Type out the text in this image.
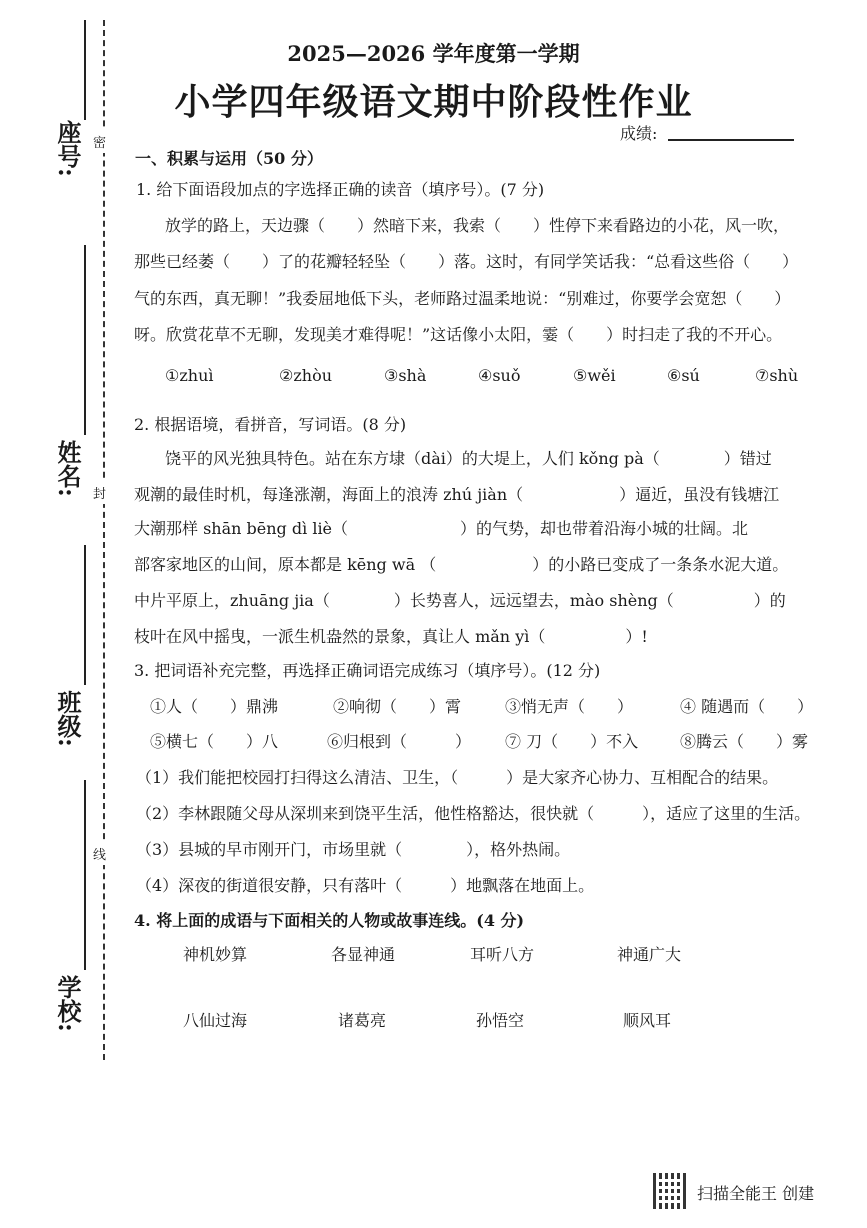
座号:
姓名:
班级:
学校:
密
封
线
2025—2026 学年度第一学期
小学四年级语文期中阶段性作业
成绩:
一、积累与运用（50 分）
1. 给下面语段加点的字选择正确的读音（填序号）。(7 分)
放学的路上，天边骤（　　）然暗下来，我索（　　）性停下来看路边的小花，风一吹，
那些已经萎（　　）了的花瓣轻轻坠（　　）落。这时，有同学笑话我：“总看这些俗（　　）
气的东西，真无聊！”我委屈地低下头，老师路过温柔地说：“别难过，你要学会宽恕（　　）
呀。欣赏花草不无聊，发现美才难得呢！”这话像小太阳，霎（　　）时扫走了我的不开心。
①zhuì	②zhòu	③shà	④suǒ	⑤wěi	⑥sú	⑦shù
2. 根据语境，看拼音，写词语。(8 分)
饶平的风光独具特色。站在东方埭（dài）的大堤上，人们 kǒng pà（　　　　）错过
观潮的最佳时机，每逢涨潮，海面上的浪涛 zhú jiàn（　　　　　　）逼近，虽没有钱塘江
大潮那样 shān bēng dì liè（　　　　　　　）的气势，却也带着沿海小城的壮阔。北
部客家地区的山间，原本都是 kēng wā （　　　　　　）的小路已变成了一条条水泥大道。
中片平原上，zhuāng jia（　　　　）长势喜人，远远望去，mào shèng（　　　　　）的
枝叶在风中摇曳，一派生机盎然的景象，真让人 mǎn yì（　　　　　）!
3. 把词语补充完整，再选择正确词语完成练习（填序号）。(12 分)
①人（　　）鼎沸	②响彻（　　）霄	③悄无声（　　）	④ 随遇而（　　）
⑤横七（　　）八	⑥归根到（　　　） ⑦ 刀（　　）不入	⑧腾云（　　）雾
（1）我们能把校园打扫得这么清洁、卫生，（　　　）是大家齐心协力、互相配合的结果。
（2）李林跟随父母从深圳来到饶平生活，他性格豁达，很快就（　　　），适应了这里的生活。
（3）县城的早市刚开门，市场里就（　　　　），格外热闹。
（4）深夜的街道很安静，只有落叶（　　　）地飘落在地面上。
4. 将上面的成语与下面相关的人物或故事连线。(4 分)
神机妙算	各显神通	耳听八方	神通广大
八仙过海	诸葛亮	孙悟空	顺风耳
扫描全能王 创建
